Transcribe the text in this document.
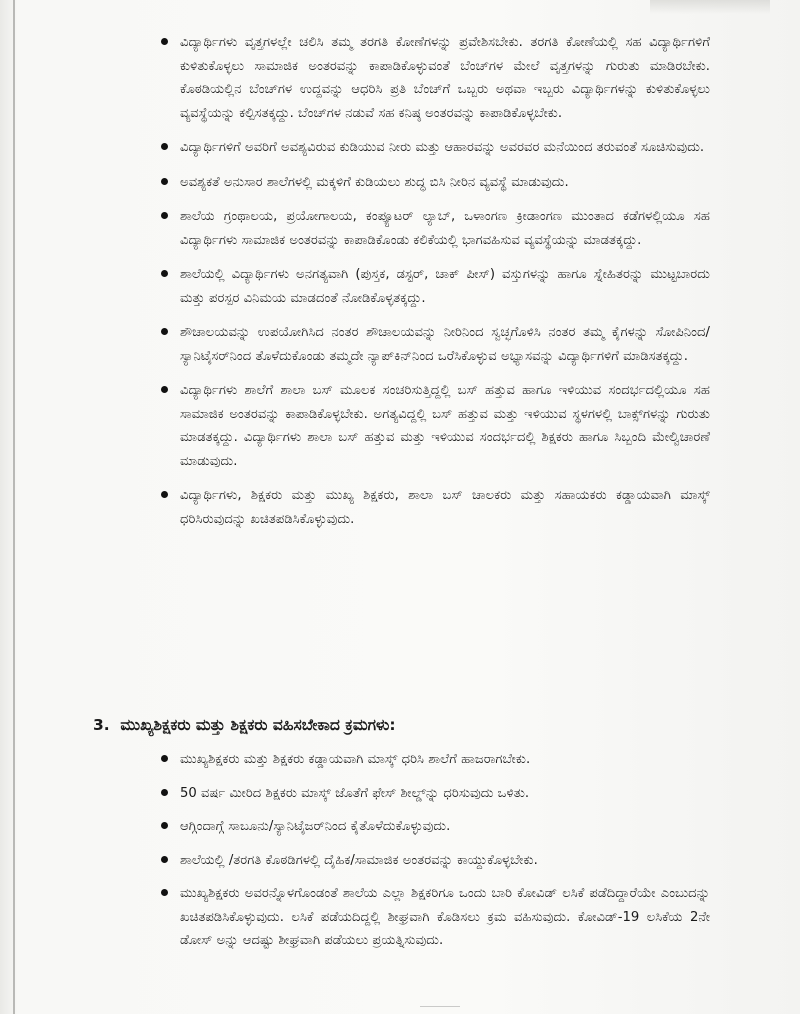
ವಿದ್ಯಾರ್ಥಿಗಳು ವೃತ್ತಗಳಲ್ಲೇ ಚಲಿಸಿ ತಮ್ಮ ತರಗತಿ ಕೋಣೆಗಳನ್ನು ಪ್ರವೇಶಿಸಬೇಕು. ತರಗತಿ ಕೋಣೆಯಲ್ಲಿ ಸಹ ವಿದ್ಯಾರ್ಥಿಗಳಿಗೆ ಕುಳಿತುಕೊಳ್ಳಲು ಸಾಮಾಜಿಕ ಅಂತರವನ್ನು ಕಾಪಾಡಿಕೊಳ್ಳುವಂತೆ ಬೆಂಚ್‌ಗಳ ಮೇಲೆ ವೃತ್ತಗಳನ್ನು ಗುರುತು ಮಾಡಿರಬೇಕು. ಕೊಠಡಿಯಲ್ಲಿನ ಬೆಂಚ್‌ಗಳ ಉದ್ದವನ್ನು ಆಧರಿಸಿ ಪ್ರತಿ ಬೆಂಚ್‌ಗೆ ಒಬ್ಬರು ಅಥವಾ ಇಬ್ಬರು ವಿದ್ಯಾರ್ಥಿಗಳನ್ನು ಕುಳಿತುಕೊಳ್ಳಲು ವ್ಯವಸ್ಥೆಯನ್ನು ಕಲ್ಪಿಸತಕ್ಕದ್ದು. ಬೆಂಚ್‌ಗಳ ನಡುವೆ ಸಹ ಕನಿಷ್ಠ ಅಂತರವನ್ನು ಕಾಪಾಡಿಕೊಳ್ಳಬೇಕು.
ವಿದ್ಯಾರ್ಥಿಗಳಿಗೆ ಅವರಿಗೆ ಅವಶ್ಯವಿರುವ ಕುಡಿಯುವ ನೀರು ಮತ್ತು ಆಹಾರವನ್ನು ಅವರವರ ಮನೆಯಿಂದ ತರುವಂತೆ ಸೂಚಿಸುವುದು.
ಅವಶ್ಯಕತೆ ಅನುಸಾರ ಶಾಲೆಗಳಲ್ಲಿ ಮಕ್ಕಳಿಗೆ ಕುಡಿಯಲು ಶುದ್ಧ ಬಿಸಿ ನೀರಿನ ವ್ಯವಸ್ಥೆ ಮಾಡುವುದು.
ಶಾಲೆಯ ಗ್ರಂಥಾಲಯ, ಪ್ರಯೋಗಾಲಯ, ಕಂಪ್ಯೂಟರ್ ಲ್ಯಾಬ್, ಒಳಾಂಗಣ ಕ್ರೀಡಾಂಗಣ ಮುಂತಾದ ಕಡೆಗಳಲ್ಲಿಯೂ ಸಹ ವಿದ್ಯಾರ್ಥಿಗಳು ಸಾಮಾಜಿಕ ಅಂತರವನ್ನು ಕಾಪಾಡಿಕೊಂಡು ಕಲಿಕೆಯಲ್ಲಿ ಭಾಗವಹಿಸುವ ವ್ಯವಸ್ಥೆಯನ್ನು ಮಾಡತಕ್ಕದ್ದು.
ಶಾಲೆಯಲ್ಲಿ ವಿದ್ಯಾರ್ಥಿಗಳು ಅನಗತ್ಯವಾಗಿ (ಪುಸ್ತಕ, ಡಸ್ಟರ್, ಚಾಕ್ ಪೀಸ್) ವಸ್ತುಗಳನ್ನು ಹಾಗೂ ಸ್ನೇಹಿತರನ್ನು ಮುಟ್ಟಬಾರದು ಮತ್ತು ಪರಸ್ಪರ ವಿನಿಮಯ ಮಾಡದಂತೆ ನೋಡಿಕೊಳ್ಳತಕ್ಕದ್ದು.
ಶೌಚಾಲಯವನ್ನು ಉಪಯೋಗಿಸಿದ ನಂತರ ಶೌಚಾಲಯವನ್ನು ನೀರಿನಿಂದ ಸ್ವಚ್ಛಗೊಳಿಸಿ ನಂತರ ತಮ್ಮ ಕೈಗಳನ್ನು ಸೋಪಿನಿಂದ/ಸ್ಯಾನಿಟೈಸರ್‌ನಿಂದ ತೊಳೆದುಕೊಂಡು ತಮ್ಮದೇ ನ್ಯಾಪ್‌ಕಿನ್‌ನಿಂದ ಒರೆಸಿಕೊಳ್ಳುವ ಅಭ್ಯಾಸವನ್ನು ವಿದ್ಯಾರ್ಥಿಗಳಿಗೆ ಮಾಡಿಸತಕ್ಕದ್ದು.
ವಿದ್ಯಾರ್ಥಿಗಳು ಶಾಲೆಗೆ ಶಾಲಾ ಬಸ್ ಮೂಲಕ ಸಂಚರಿಸುತ್ತಿದ್ದಲ್ಲಿ ಬಸ್ ಹತ್ತುವ ಹಾಗೂ ಇಳಿಯುವ ಸಂದರ್ಭದಲ್ಲಿಯೂ ಸಹ ಸಾಮಾಜಿಕ ಅಂತರವನ್ನು ಕಾಪಾಡಿಕೊಳ್ಳಬೇಕು. ಅಗತ್ಯವಿದ್ದಲ್ಲಿ ಬಸ್ ಹತ್ತುವ ಮತ್ತು ಇಳಿಯುವ ಸ್ಥಳಗಳಲ್ಲಿ ಬಾಕ್ಸ್‌ಗಳನ್ನು ಗುರುತು ಮಾಡತಕ್ಕದ್ದು. ವಿದ್ಯಾರ್ಥಿಗಳು ಶಾಲಾ ಬಸ್ ಹತ್ತುವ ಮತ್ತು ಇಳಿಯುವ ಸಂದರ್ಭದಲ್ಲಿ ಶಿಕ್ಷಕರು ಹಾಗೂ ಸಿಬ್ಬಂದಿ ಮೇಲ್ವಿಚಾರಣೆ ಮಾಡುವುದು.
ವಿದ್ಯಾರ್ಥಿಗಳು, ಶಿಕ್ಷಕರು ಮತ್ತು ಮುಖ್ಯ ಶಿಕ್ಷಕರು, ಶಾಲಾ ಬಸ್ ಚಾಲಕರು ಮತ್ತು ಸಹಾಯಕರು ಕಡ್ಡಾಯವಾಗಿ ಮಾಸ್ಕ್ ಧರಿಸಿರುವುದನ್ನು ಖಚಿತಪಡಿಸಿಕೊಳ್ಳುವುದು.
3. ಮುಖ್ಯಶಿಕ್ಷಕರು ಮತ್ತು ಶಿಕ್ಷಕರು ವಹಿಸಬೇಕಾದ ಕ್ರಮಗಳು:
ಮುಖ್ಯಶಿಕ್ಷಕರು ಮತ್ತು ಶಿಕ್ಷಕರು ಕಡ್ಡಾಯವಾಗಿ ಮಾಸ್ಕ್ ಧರಿಸಿ ಶಾಲೆಗೆ ಹಾಜರಾಗಬೇಕು.
50 ವರ್ಷ ಮೀರಿದ ಶಿಕ್ಷಕರು ಮಾಸ್ಕ್ ಜೊತೆಗೆ ಫೇಸ್ ಶೀಲ್ಡ್‌ನ್ನು ಧರಿಸುವುದು ಒಳಿತು.
ಆಗ್ಗಿಂದಾಗ್ಗೆ ಸಾಬೂನು/ಸ್ಯಾನಿಟೈಜರ್‌ನಿಂದ ಕೈತೊಳೆದುಕೊಳ್ಳುವುದು.
ಶಾಲೆಯಲ್ಲಿ /ತರಗತಿ ಕೊಠಡಿಗಳಲ್ಲಿ ದೈಹಿಕ/ಸಾಮಾಜಿಕ ಅಂತರವನ್ನು ಕಾಯ್ದುಕೊಳ್ಳಬೇಕು.
ಮುಖ್ಯಶಿಕ್ಷಕರು ಅವರನ್ನೊಳಗೊಂಡಂತೆ ಶಾಲೆಯ ಎಲ್ಲಾ ಶಿಕ್ಷಕರಿಗೂ ಒಂದು ಬಾರಿ ಕೋವಿಡ್ ಲಸಿಕೆ ಪಡೆದಿದ್ದಾರೆಯೇ ಎಂಬುದನ್ನು ಖಚಿತಪಡಿಸಿಕೊಳ್ಳುವುದು. ಲಸಿಕೆ ಪಡೆಯದಿದ್ದಲ್ಲಿ ಶೀಘ್ರವಾಗಿ ಕೊಡಿಸಲು ಕ್ರಮ ವಹಿಸುವುದು. ಕೋವಿಡ್-19 ಲಸಿಕೆಯ 2ನೇ ಡೋಸ್ ಅನ್ನು ಆದಷ್ಟು ಶೀಘ್ರವಾಗಿ ಪಡೆಯಲು ಪ್ರಯತ್ನಿಸುವುದು.
